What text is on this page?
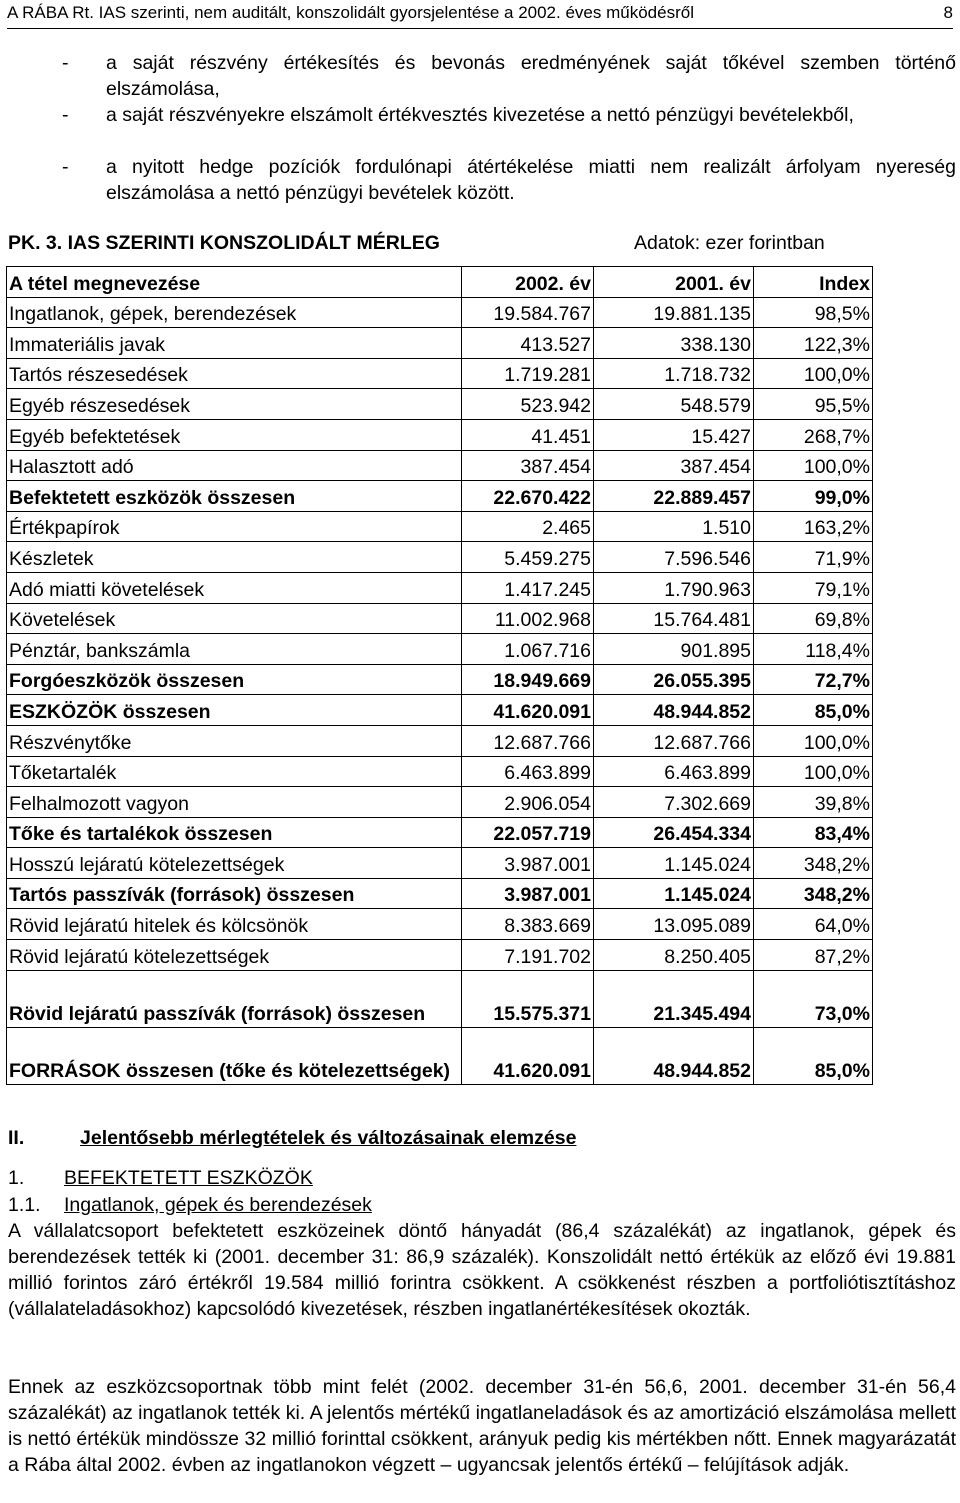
A RÁBA Rt. IAS szerinti, nem auditált, konszolidált gyorsjelentése a 2002. éves működésről	8
- a saját részvény értékesítés és bevonás eredményének saját tőkével szemben történő elszámolása,
- a saját részvényekre elszámolt értékvesztés kivezetése a nettó pénzügyi bevételekből,
- a nyitott hedge pozíciók fordulónapi átértékelése miatti nem realizált árfolyam nyereség elszámolása a nettó pénzügyi bevételek között.
PK. 3. IAS SZERINTI KONSZOLIDÁLT MÉRLEG	Adatok: ezer forintban
A tétel megnevezése	2002. év	2001. év	Index
Ingatlanok, gépek, berendezések	19.584.767	19.881.135	98,5%
Immateriális javak	413.527	338.130	122,3%
Tartós részesedések	1.719.281	1.718.732	100,0%
Egyéb részesedések	523.942	548.579	95,5%
Egyéb befektetések	41.451	15.427	268,7%
Halasztott adó	387.454	387.454	100,0%
Befektetett eszközök összesen	22.670.422	22.889.457	99,0%
Értékpapírok	2.465	1.510	163,2%
Készletek	5.459.275	7.596.546	71,9%
Adó miatti követelések	1.417.245	1.790.963	79,1%
Követelések	11.002.968	15.764.481	69,8%
Pénztár, bankszámla	1.067.716	901.895	118,4%
Forgóeszközök összesen	18.949.669	26.055.395	72,7%
ESZKÖZÖK összesen	41.620.091	48.944.852	85,0%
Részvénytőke	12.687.766	12.687.766	100,0%
Tőketartalék	6.463.899	6.463.899	100,0%
Felhalmozott vagyon	2.906.054	7.302.669	39,8%
Tőke és tartalékok összesen	22.057.719	26.454.334	83,4%
Hosszú lejáratú kötelezettségek	3.987.001	1.145.024	348,2%
Tartós passzívák (források) összesen	3.987.001	1.145.024	348,2%
Rövid lejáratú hitelek és kölcsönök	8.383.669	13.095.089	64,0%
Rövid lejáratú kötelezettségek	7.191.702	8.250.405	87,2%
Rövid lejáratú passzívák (források) összesen	15.575.371	21.345.494	73,0%
FORRÁSOK összesen (tőke és kötelezettségek)	41.620.091	48.944.852	85,0%
II.	Jelentősebb mérlegtételek és változásainak elemzése
1. BEFEKTETETT ESZKÖZÖK
1.1. Ingatlanok, gépek és berendezések
A vállalatcsoport befektetett eszközeinek döntő hányadát (86,4 százalékát) az ingatlanok, gépek és berendezések tették ki (2001. december 31: 86,9 százalék). Konszolidált nettó értékük az előző évi 19.881 millió forintos záró értékről 19.584 millió forintra csökkent. A csökkenést részben a portfoliótisztításhoz (vállalateladásokhoz) kapcsolódó kivezetések, részben ingatlanértékesítések okozták.
Ennek az eszközcsoportnak több mint felét (2002. december 31-én 56,6, 2001. december 31-én 56,4 százalékát) az ingatlanok tették ki. A jelentős mértékű ingatlaneladások és az amortizáció elszámolása mellett is nettó értékük mindössze 32 millió forinttal csökkent, arányuk pedig kis mértékben nőtt. Ennek magyarázatát a Rába által 2002. évben az ingatlanokon végzett – ugyancsak jelentős értékű – felújítások adják.
